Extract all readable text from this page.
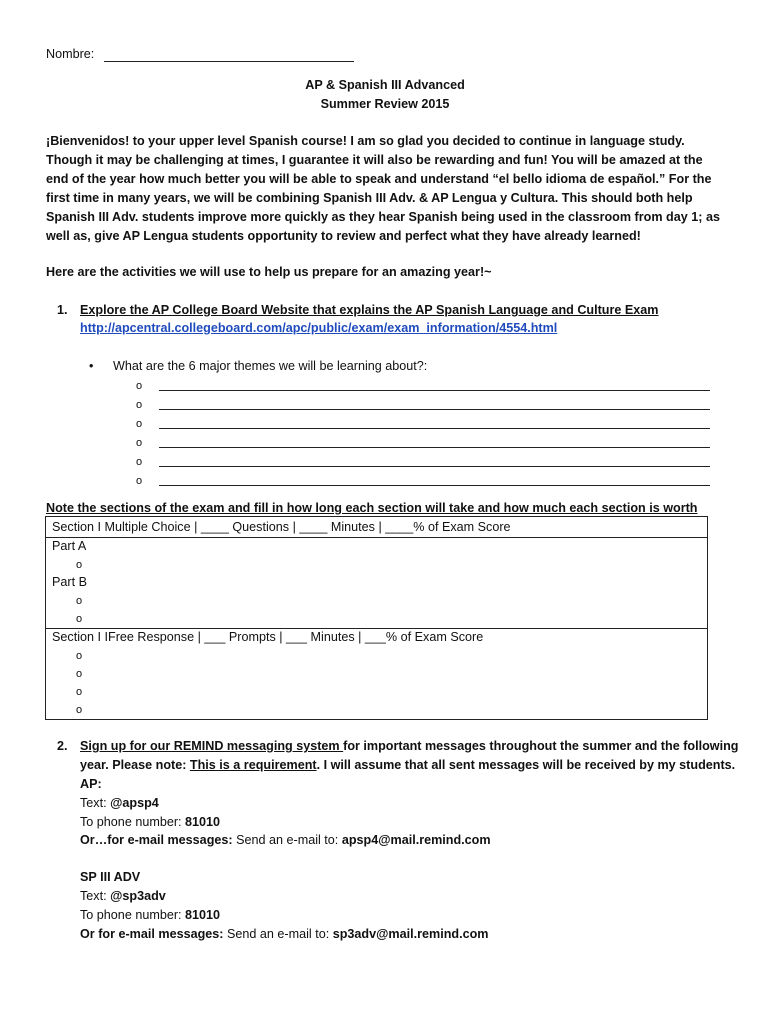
Nombre:
AP & Spanish III Advanced
Summer Review 2015
¡Bienvenidos! to your upper level Spanish course! I am so glad you decided to continue in language study. Though it may be challenging at times, I guarantee it will also be rewarding and fun! You will be amazed at the end of the year how much better you will be able to speak and understand “el bello idioma de español.” For the first time in many years, we will be combining Spanish III Adv. & AP Lengua y Cultura. This should both help Spanish III Adv. students improve more quickly as they hear Spanish being used in the classroom from day 1; as well as, give AP Lengua students opportunity to review and perfect what they have already learned!
Here are the activities we will use to help us prepare for an amazing year!~
1. Explore the AP College Board Website that explains the AP Spanish Language and Culture Exam
http://apcentral.collegeboard.com/apc/public/exam/exam_information/4554.html
• What are the 6 major themes we will be learning about?:
o
o
o
o
o
o
Note the sections of the exam and fill in how long each section will take and how much each section is worth
Section I Multiple Choice | ____ Questions | ____ Minutes | ____% of Exam Score
Part A
o
Part B
o
o
Section I IFree Response | ___ Prompts | ___ Minutes | ___% of Exam Score
o
o
o
o
2. Sign up for our REMIND messaging system for important messages throughout the summer and the following
year. Please note: This is a requirement. I will assume that all sent messages will be received by my students.
AP:
Text: @apsp4
To phone number: 81010
Or…for e-mail messages: Send an e-mail to: apsp4@mail.remind.com
SP III ADV
Text: @sp3adv
To phone number: 81010
Or for e-mail messages: Send an e-mail to: sp3adv@mail.remind.com
